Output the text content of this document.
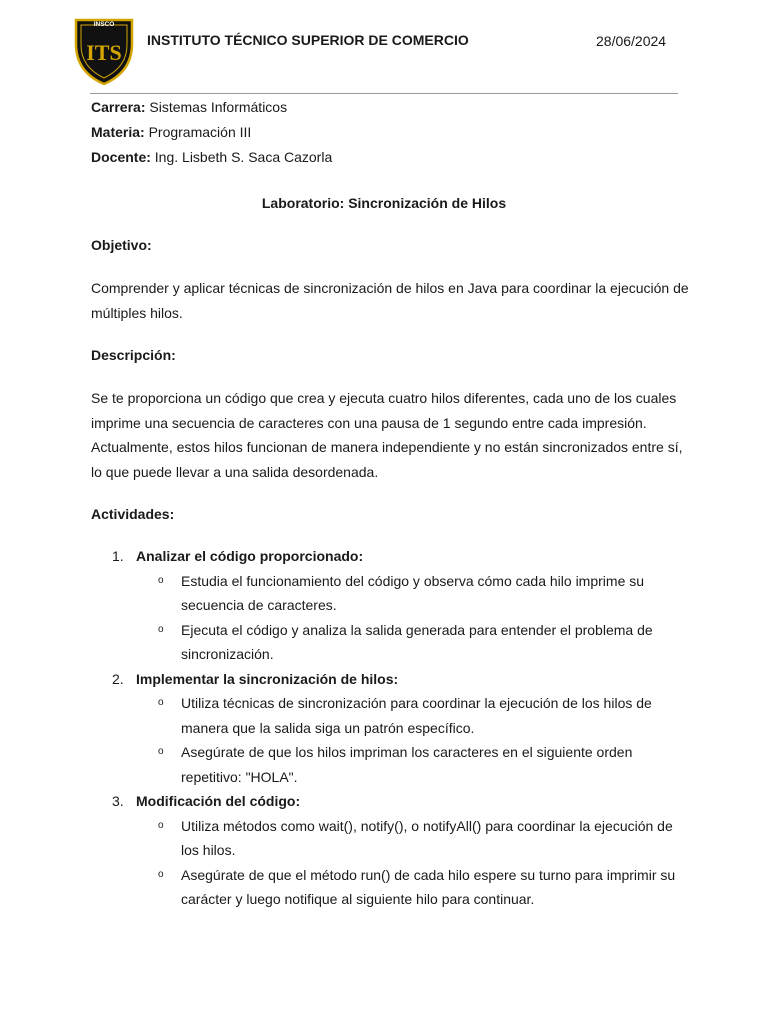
INSCO
ITS INSTITUTO TÉCNICO SUPERIOR DE COMERCIO	28/06/2024
Carrera: Sistemas Informáticos
Materia: Programación III
Docente: Ing. Lisbeth S. Saca Cazorla
Laboratorio: Sincronización de Hilos
Objetivo:
Comprender y aplicar técnicas de sincronización de hilos en Java para coordinar la ejecución de múltiples hilos.
Descripción:
Se te proporciona un código que crea y ejecuta cuatro hilos diferentes, cada uno de los cuales imprime una secuencia de caracteres con una pausa de 1 segundo entre cada impresión. Actualmente, estos hilos funcionan de manera independiente y no están sincronizados entre sí, lo que puede llevar a una salida desordenada.
Actividades:
1. Analizar el código proporcionado:
o Estudia el funcionamiento del código y observa cómo cada hilo imprime su secuencia de caracteres.
o Ejecuta el código y analiza la salida generada para entender el problema de sincronización.
2. Implementar la sincronización de hilos:
o Utiliza técnicas de sincronización para coordinar la ejecución de los hilos de manera que la salida siga un patrón específico.
o Asegúrate de que los hilos impriman los caracteres en el siguiente orden repetitivo: "HOLA".
3. Modificación del código:
o Utiliza métodos como wait(), notify(), o notifyAll() para coordinar la ejecución de los hilos.
o Asegúrate de que el método run() de cada hilo espere su turno para imprimir su carácter y luego notifique al siguiente hilo para continuar.
